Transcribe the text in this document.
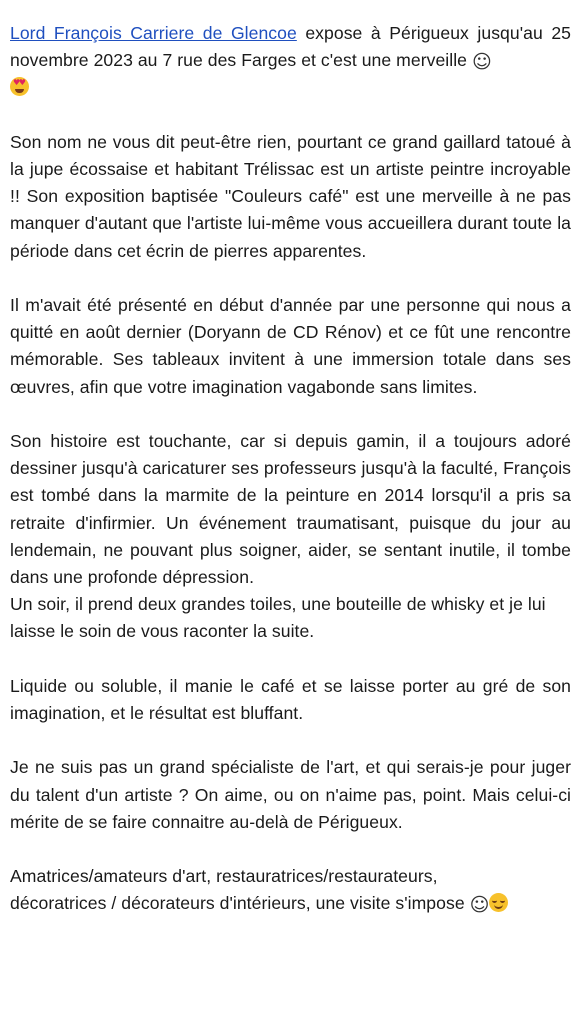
Lord François Carriere de Glencoe expose à Périgueux jusqu'au 25 novembre 2023 au 7 rue des Farges et c'est une merveille ☺
♥
♥

Son nom ne vous dit peut-être rien, pourtant ce grand gaillard tatoué à la jupe écossaise et habitant Trélissac est un artiste peintre incroyable !! Son exposition baptisée "Couleurs café" est une merveille à ne pas manquer d'autant que l'artiste lui-même vous accueillera durant toute la période dans cet écrin de pierres apparentes.

Il m'avait été présenté en début d'année par une personne qui nous a quitté en août dernier (Doryann de CD Rénov) et ce fût une rencontre mémorable. Ses tableaux invitent à une immersion totale dans ses œuvres, afin que votre imagination vagabonde sans limites.

Son histoire est touchante, car si depuis gamin, il a toujours adoré dessiner jusqu'à caricaturer ses professeurs jusqu'à la faculté, François est tombé dans la marmite de la peinture en 2014 lorsqu'il a pris sa retraite d'infirmier. Un événement traumatisant, puisque du jour au lendemain, ne pouvant plus soigner, aider, se sentant inutile, il tombe dans une profonde dépression.

Un soir, il prend deux grandes toiles, une bouteille de whisky et je lui laisse le soin de vous raconter la suite.

Liquide ou soluble, il manie le café et se laisse porter au gré de son imagination, et le résultat est bluffant.

Je ne suis pas un grand spécialiste de l'art, et qui serais-je pour juger du talent d'un artiste ? On aime, ou on n'aime pas, point. Mais celui-ci mérite de se faire connaitre au-delà de Périgueux.

Amatrices/amateurs d'art, restauratrices/restaurateurs,
décoratrices / décorateurs d'intérieurs, une visite s'impose ☺
